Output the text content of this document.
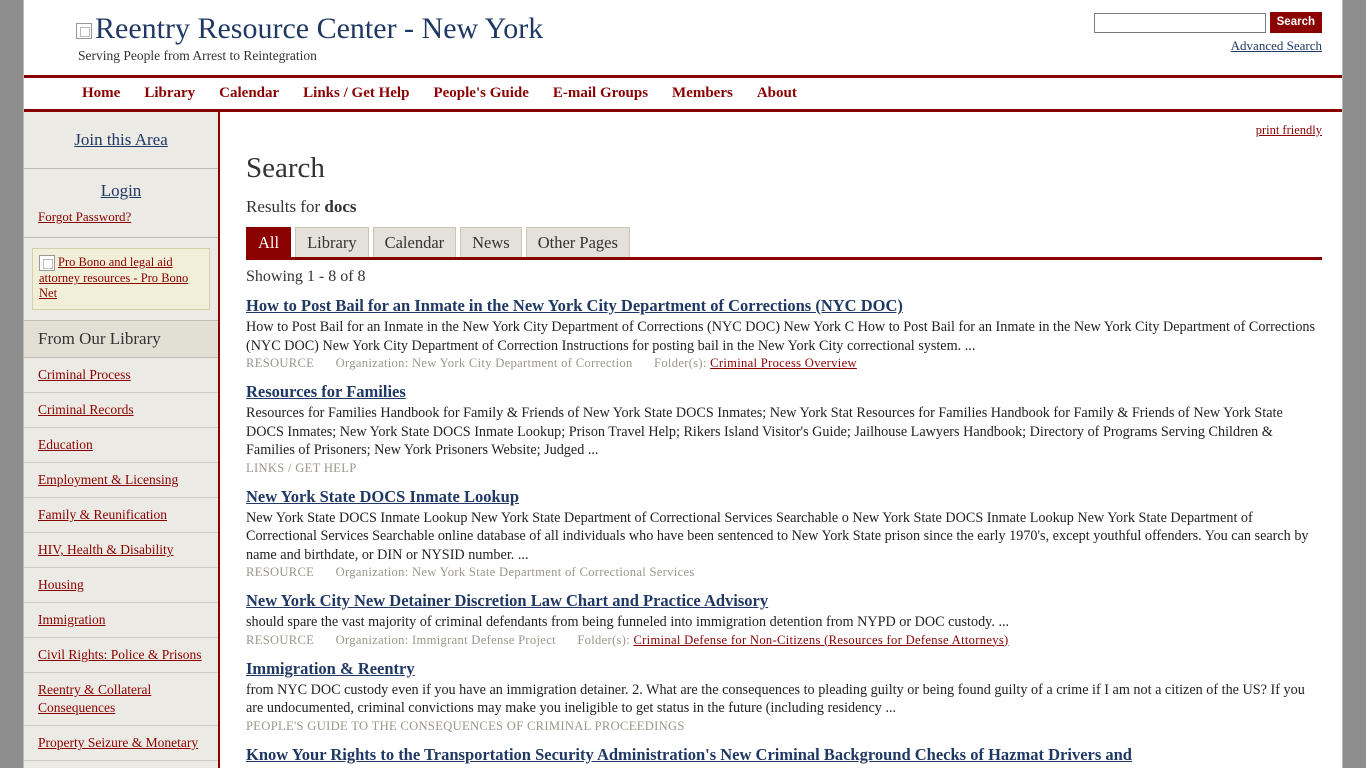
Reentry Resource Center - New York
Serving People from Arrest to Reintegration
Search
Advanced Search
Home	Library	Calendar	Links / Get Help	People's Guide	E-mail Groups	Members	About
Join this Area
Login
Forgot Password?
Pro Bono and legal aid attorney resources - Pro Bono Net
From Our Library
Criminal Process
Criminal Records
Education
Employment & Licensing
Family & Reunification
HIV, Health & Disability
Housing
Immigration
Civil Rights: Police & Prisons
Reentry & Collateral Consequences
Property Seizure & Monetary
print friendly
Search
Results for docs
All	Library	Calendar	News	Other Pages
Showing 1 - 8 of 8
How to Post Bail for an Inmate in the New York City Department of Corrections (NYC DOC)
How to Post Bail for an Inmate in the New York City Department of Corrections (NYC DOC) New York C How to Post Bail for an Inmate in the New York City Department of Corrections (NYC DOC) New York City Department of Correction Instructions for posting bail in the New York City correctional system. ...
RESOURCE Organization: New York City Department of Correction Folder(s): Criminal Process Overview
Resources for Families
Resources for Families Handbook for Family & Friends of New York State DOCS Inmates; New York Stat Resources for Families Handbook for Family & Friends of New York State DOCS Inmates; New York State DOCS Inmate Lookup; Prison Travel Help; Rikers Island Visitor's Guide; Jailhouse Lawyers Handbook; Directory of Programs Serving Children & Families of Prisoners; New York Prisoners Website; Judged ...
LINKS / GET HELP
New York State DOCS Inmate Lookup
New York State DOCS Inmate Lookup New York State Department of Correctional Services Searchable o New York State DOCS Inmate Lookup New York State Department of Correctional Services Searchable online database of all individuals who have been sentenced to New York State prison since the early 1970's, except youthful offenders. You can search by name and birthdate, or DIN or NYSID number. ...
RESOURCE Organization: New York State Department of Correctional Services
New York City New Detainer Discretion Law Chart and Practice Advisory
should spare the vast majority of criminal defendants from being funneled into immigration detention from NYPD or DOC custody. ...
RESOURCE Organization: Immigrant Defense Project Folder(s): Criminal Defense for Non-Citizens (Resources for Defense Attorneys)
Immigration & Reentry
from NYC DOC custody even if you have an immigration detainer. 2. What are the consequences to pleading guilty or being found guilty of a crime if I am not a citizen of the US? If you are undocumented, criminal convictions may make you ineligible to get status in the future (including residency ...
PEOPLE'S GUIDE TO THE CONSEQUENCES OF CRIMINAL PROCEEDINGS
Know Your Rights to the Transportation Security Administration's New Criminal Background Checks of Hazmat Drivers and
